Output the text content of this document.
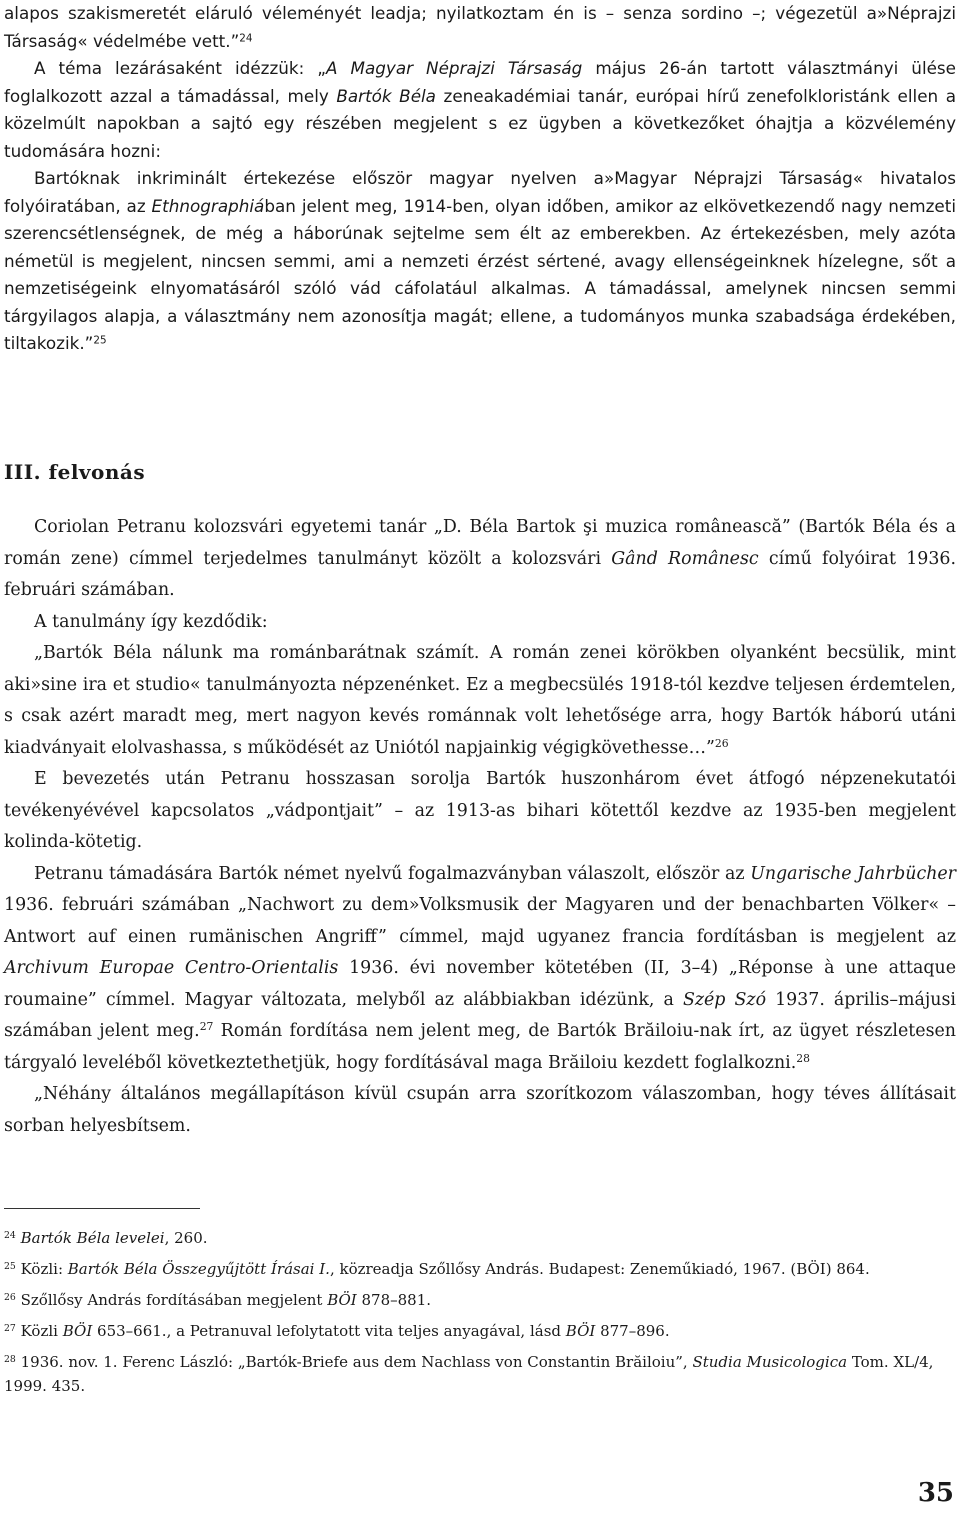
alapos szakismeretét eláruló véleményét leadja; nyilatkoztam én is – senza sordino –; végezetül a»Néprajzi Társaság« védelmébe vett.”$^{24}$

A téma lezárásaként idézzük: „A Magyar Néprajzi Társaság május 26-án tartott választmányi ülése foglalkozott azzal a támadással, mely Bartók Béla zeneakadémiai tanár, európai hírű zenefolkloristánk ellen a közelmúlt napokban a sajtó egy részében megjelent s ez ügyben a következőket óhajtja a közvélemény tudomására hozni:

Bartóknak inkriminált értekezése először magyar nyelven a»Magyar Néprajzi Társaság« hivatalos folyóiratában, az Ethnographiában jelent meg, 1914-ben, olyan időben, amikor az elkövetkezendő nagy nemzeti szerencsétlenségnek, de még a háborúnak sejtelme sem élt az emberekben. Az értekezésben, mely azóta németül is megjelent, nincsen semmi, ami a nemzeti érzést sértené, avagy ellenségeinknek hízelegne, sőt a nemzetiségeink elnyomatásáról szóló vád cáfolatául alkalmas. A támadással, amelynek nincsen semmi tárgyilagos alapja, a választmány nem azonosítja magát; ellene, a tudományos munka szabadsága érdekében, tiltakozik.”$^{25}$

III. felvonás

Coriolan Petranu kolozsvári egyetemi tanár „D. Béla Bartok şi muzica românească” (Bartók Béla és a román zene) címmel terjedelmes tanulmányt közölt a kolozsvári Gând Românesc című folyóirat 1936. februári számában.

A tanulmány így kezdődik:

„Bartók Béla nálunk ma románbarátnak számít. A román zenei körökben olyanként becsülik, mint aki»sine ira et studio« tanulmányozta népzenénket. Ez a megbecsülés 1918-tól kezdve teljesen érdemtelen, s csak azért maradt meg, mert nagyon kevés románnak volt lehetősége arra, hogy Bartók háború utáni kiadványait elolvashassa, s működését az Uniótól napjainkig végigkövethesse…”$^{26}$

E bevezetés után Petranu hosszasan sorolja Bartók huszonhárom évet átfogó népzenekutatói tevékenyévével kapcsolatos „vádpontjait” – az 1913-as bihari kötettől kezdve az 1935-ben megjelent kolinda-kötetig.

Petranu támadására Bartók német nyelvű fogalmazványban válaszolt, először az Ungarische Jahrbücher 1936. februári számában „Nachwort zu dem»Volksmusik der Magyaren und der benachbarten Völker« – Antwort auf einen rumänischen Angriff” címmel, majd ugyanez francia fordításban is megjelent az Archivum Europae Centro-Orientalis 1936. évi november kötetében (II, 3–4) „Réponse à une attaque roumaine” címmel. Magyar változata, melyből az alábbiakban idézünk, a Szép Szó 1937. április–májusi számában jelent meg.$^{27}$ Román fordítása nem jelent meg, de Bartók Brăiloiu-nak írt, az ügyet részletesen tárgyaló leveléből következtethetjük, hogy fordításával maga Brăiloiu kezdett foglalkozni.$^{28}$

„Néhány általános megállapításon kívül csupán arra szorítkozom válaszomban, hogy téves állításait sorban helyesbítsem.

$^{24}$ Bartók Béla levelei, 260.

$^{25}$ Közli: Bartók Béla Összegyűjtött Írásai I., közreadja Szőllősy András. Budapest: Zeneműkiadó, 1967. (BÖI) 864.

$^{26}$ Szőllősy András fordításában megjelent BÖI 878–881.

$^{27}$ Közli BÖI 653–661., a Petranuval lefolytatott vita teljes anyagával, lásd BÖI 877–896.

$^{28}$ 1936. nov. 1. Ferenc László: „Bartók-Briefe aus dem Nachlass von Constantin Brăiloiu”, Studia Musicologica Tom. XL/4, 1999. 435.

35
